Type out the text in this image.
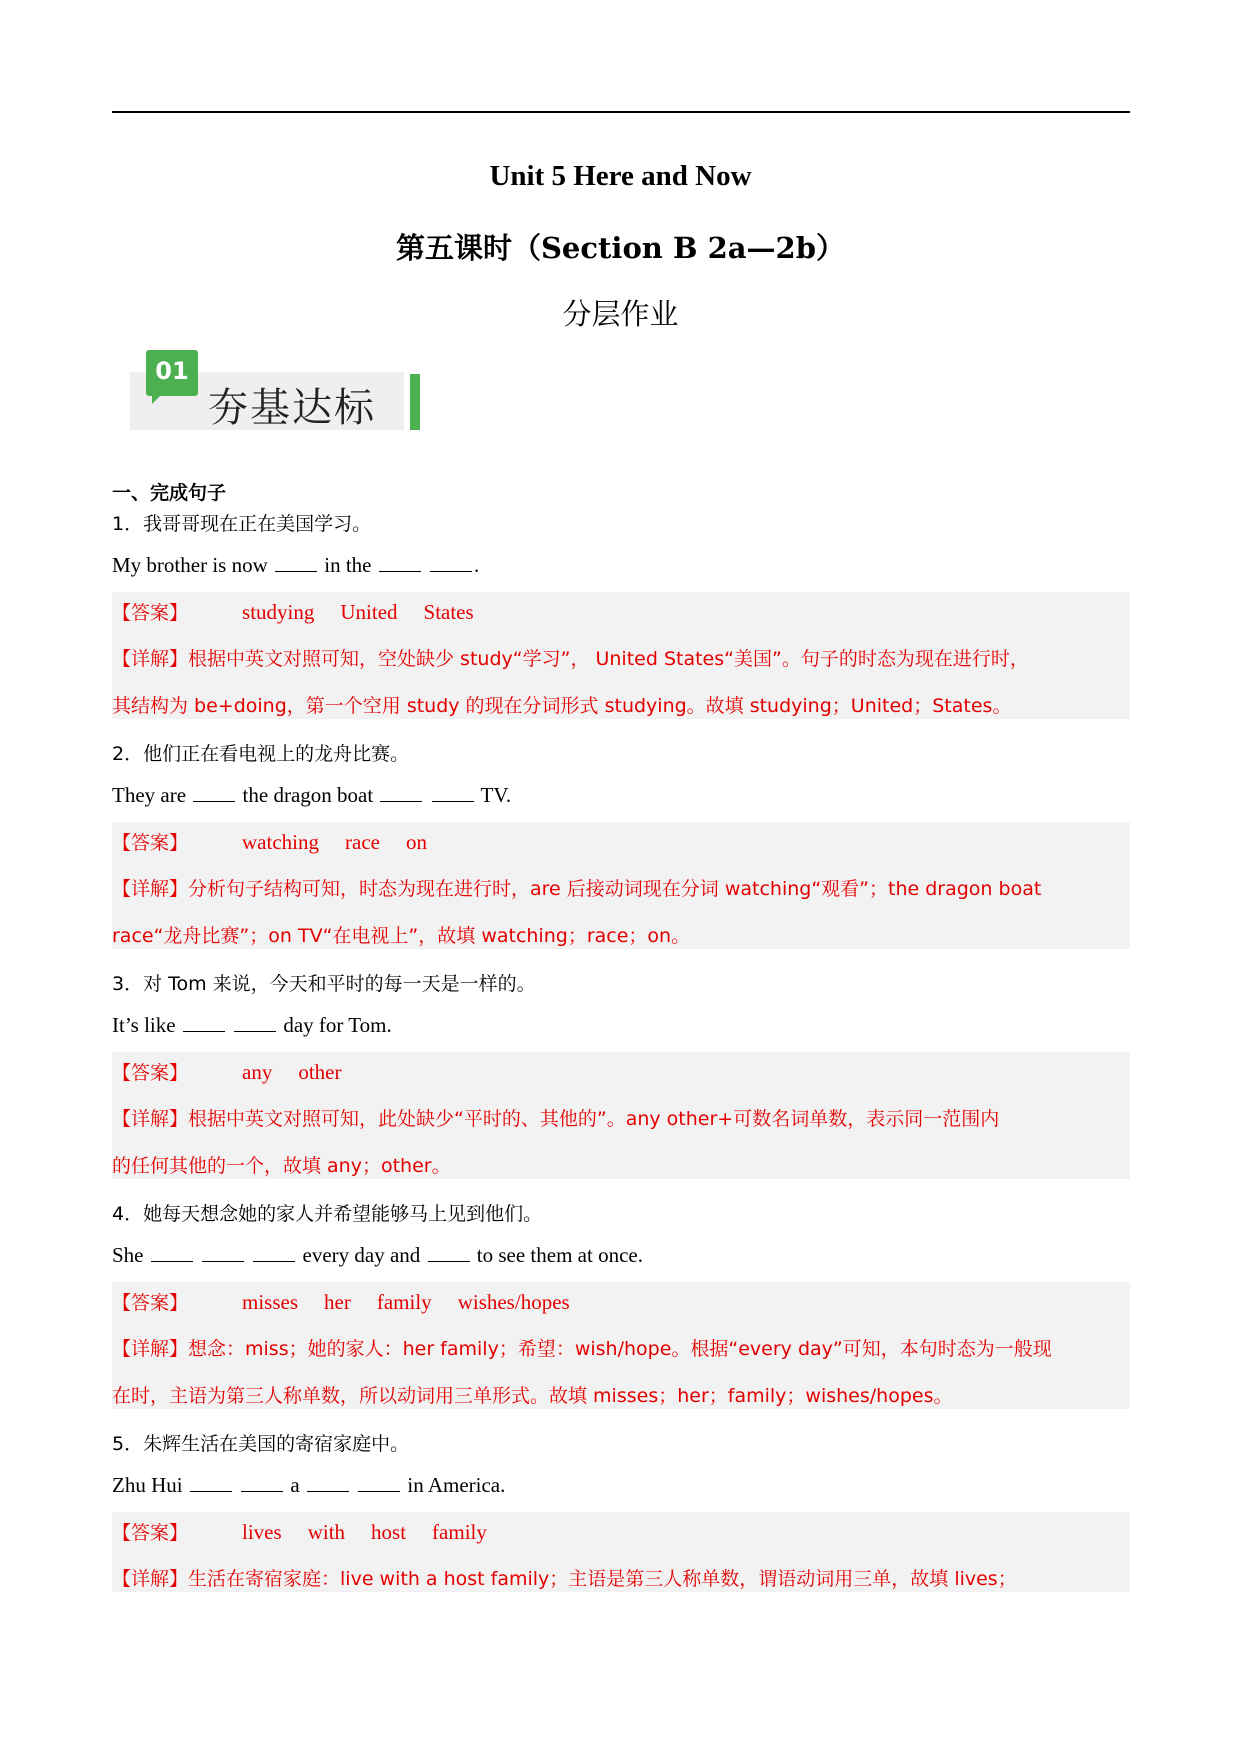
Unit 5 Here and Now
第五课时（Section B 2a—2b）
分层作业
01
夯基达标
一、完成句子
1．我哥哥现在正在美国学习。
My brother is now  in the	.
【答案】	studying United States
【详解】根据中英文对照可知，空处缺少 study“学习”， United States“美国”。句子的时态为现在进行时，
其结构为 be+doing，第一个空用 study 的现在分词形式 studying。故填 studying；United；States。
2．他们正在看电视上的龙舟比赛。
They are  the dragon boat	TV.
【答案】	watching race on
【详解】分析句子结构可知，时态为现在进行时，are 后接动词现在分词 watching“观看”；the dragon boat
race“龙舟比赛”；on TV“在电视上”，故填 watching；race；on。
3．对 Tom 来说，今天和平时的每一天是一样的。
It’s like	day for Tom.
【答案】	any other
【详解】根据中英文对照可知，此处缺少“平时的、其他的”。any other+可数名词单数，表示同一范围内
的任何其他的一个，故填 any；other。
4．她每天想念她的家人并希望能够马上见到他们。
She	every day and  to see them at once.
【答案】	misses her family wishes/hopes
【详解】想念：miss；她的家人：her family；希望：wish/hope。根据“every day”可知，本句时态为一般现
在时，主语为第三人称单数，所以动词用三单形式。故填 misses；her；family；wishes/hopes。
5．朱辉生活在美国的寄宿家庭中。
Zhu Hui	a	in America.
【答案】	lives with host family
【详解】生活在寄宿家庭：live with a host family；主语是第三人称单数，谓语动词用三单，故填 lives；
